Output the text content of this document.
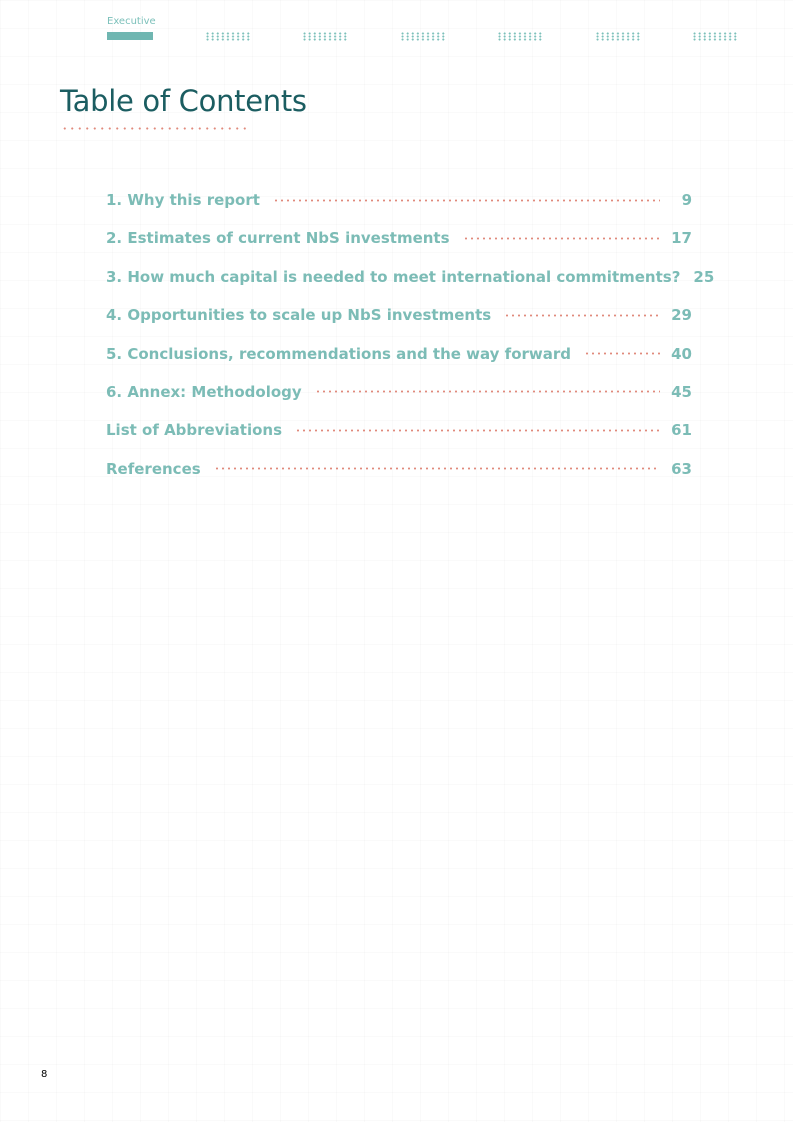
Executive
Table of Contents
1. Why this report	9
2. Estimates of current NbS investments	17
3. How much capital is needed to meet international commitments? 25
4. Opportunities to scale up NbS investments	29
5. Conclusions, recommendations and the way forward	40
6. Annex: Methodology	45
List of Abbreviations	61
References	63
8
